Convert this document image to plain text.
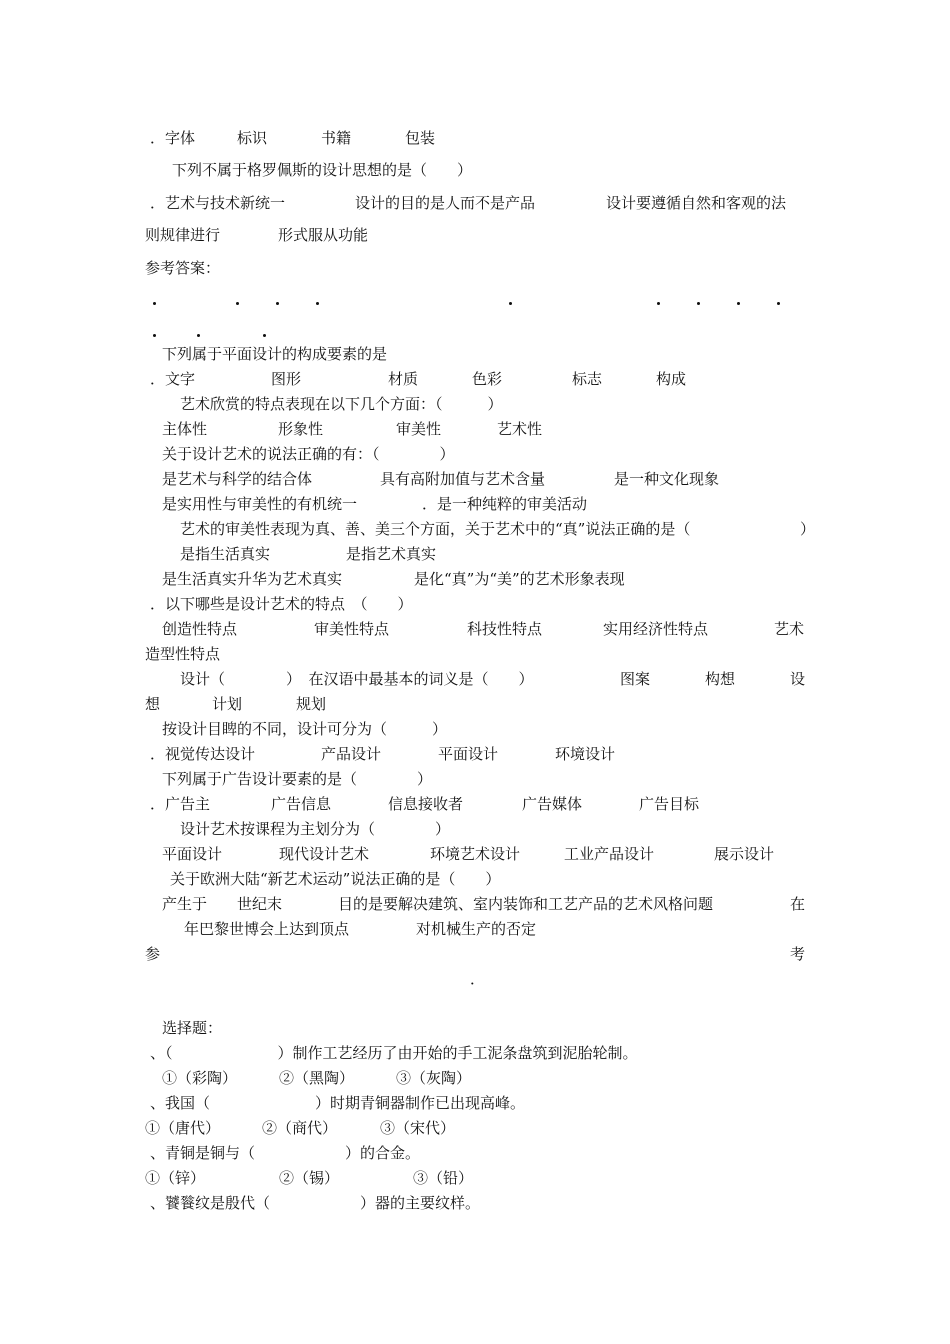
．字体	标识	书籍	包装
下列不属于格罗佩斯的设计思想的是（　　）
．艺术与技术新统一	设计的目的是人而不是产品	设计要遵循自然和客观的法
则规律进行	形式服从功能
参考答案：
下列属于平面设计的构成要素的是
．文字	图形	材质	色彩	标志	构成
艺术欣赏的特点表现在以下几个方面：（　　　）
主体性	形象性	审美性	艺术性
关于设计艺术的说法正确的有：（　　　　）
是艺术与科学的结合体	具有高附加值与艺术含量	是一种文化现象
是实用性与审美性的有机统一	．是一种纯粹的审美活动
艺术的审美性表现为真、善、美三个方面，关于艺术中的“真”说法正确的是（	）
是指生活真实	是指艺术真实
是生活真实升华为艺术真实	是化“真”为“美”的艺术形象表现
．以下哪些是设计艺术的特点　（　　）
创造性特点	审美性特点	科技性特点	实用经济性特点	艺术
造型性特点
设计（	）　在汉语中最基本的词义是（　　）	图案	构想	设
想	计划	规划
按设计目睥的不同，设计可分为（　　　）
．视觉传达设计	产品设计	平面设计	环境设计
下列属于广告设计要素的是（　　　　）
．广告主	广告信息	信息接收者	广告媒体	广告目标
设计艺术按课程为主划分为（　　　　）
平面设计	现代设计艺术	环境艺术设计	工业产品设计	展示设计
关于欧洲大陆“新艺术运动”说法正确的是（　　）
产生于 世纪末	目的是要解决建筑、室内装饰和工艺产品的艺术风格问题	在
年巴黎世博会上达到顶点	对机械生产的否定
参	考
．
选择题：
、（　　　　　　　）制作工艺经历了由开始的手工泥条盘筑到泥胎轮制。
①（彩陶）	②（黑陶）	③（灰陶）
、我国（　　　　　　　）时期青铜器制作已出现高峰。
①（唐代）	②（商代）	③（宋代）
、青铜是铜与（　　　　　　）的合金。
①（锌）	②（锡）	③（铅）
、饕餮纹是殷代（　　　　　　）器的主要纹样。
